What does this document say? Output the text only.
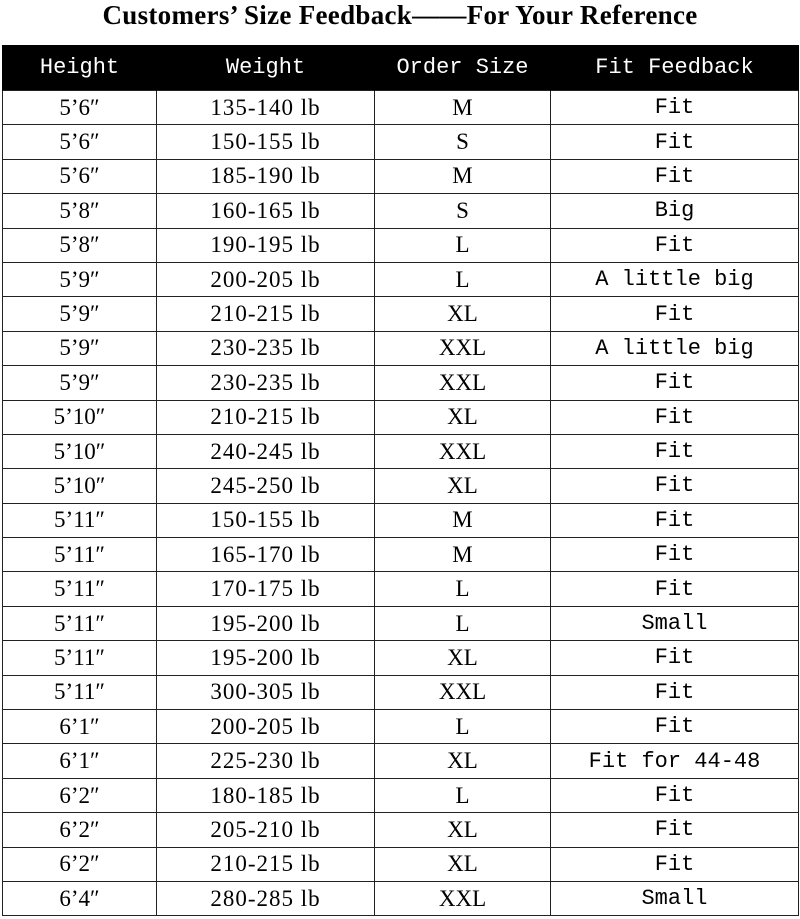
Customers’ Size Feedback——For Your Reference
Height	Weight	Order Size	Fit Feedback
5’6″	135-140 lb	M	Fit
5’6″	150-155 lb	S	Fit
5’6″	185-190 lb	M	Fit
5’8″	160-165 lb	S	Big
5’8″	190-195 lb	L	Fit
5’9″	200-205 lb	L	A little big
5’9″	210-215 lb	XL	Fit
5’9″	230-235 lb	XXL	A little big
5’9″	230-235 lb	XXL	Fit
5’10″	210-215 lb	XL	Fit
5’10″	240-245 lb	XXL	Fit
5’10″	245-250 lb	XL	Fit
5’11″	150-155 lb	M	Fit
5’11″	165-170 lb	M	Fit
5’11″	170-175 lb	L	Fit
5’11″	195-200 lb	L	Small
5’11″	195-200 lb	XL	Fit
5’11″	300-305 lb	XXL	Fit
6’1″	200-205 lb	L	Fit
6’1″	225-230 lb	XL	Fit for 44-48
6’2″	180-185 lb	L	Fit
6’2″	205-210 lb	XL	Fit
6’2″	210-215 lb	XL	Fit
6’4″	280-285 lb	XXL	Small
